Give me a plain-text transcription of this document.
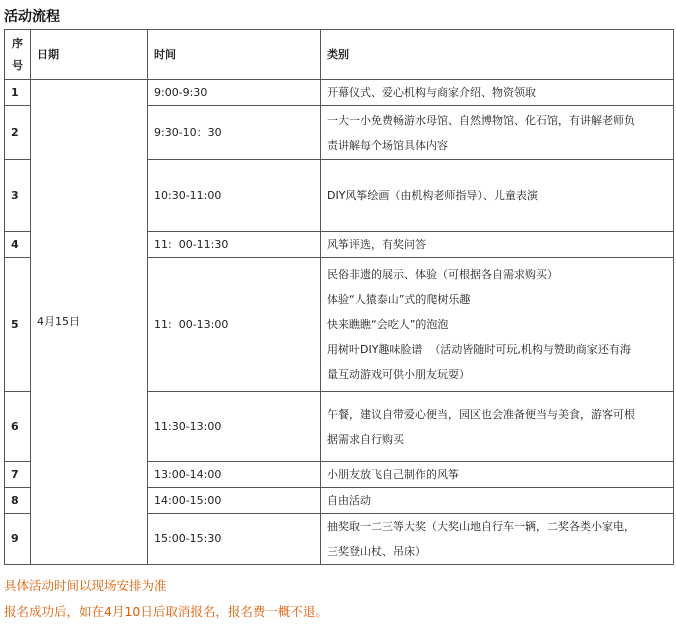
活动流程
序
号	日期	时间	类别
1	4月15日	9:00-9:30	开幕仪式、爱心机构与商家介绍、物资领取

2		9:30-10：30	一大一小免费畅游水母馆、自然博物馆、化石馆，有讲解老师负
责讲解每个场馆具体内容

3		10:30-11:00	DIY风筝绘画（由机构老师指导）、儿童表演

4		11:  00-11:30	风筝评选，有奖问答

5		11:  00-13:00	民俗非遗的展示、体验（可根据各自需求购买）
体验“人猿泰山”式的爬树乐趣
快来瞧瞧“会吃人”的泡泡
用树叶DIY趣味脸谱  （活动皆随时可玩,机构与赞助商家还有海
量互动游戏可供小朋友玩耍）

6		11:30-13:00	午餐，建议自带爱心便当，园区也会准备便当与美食，游客可根
据需求自行购买

7		13:00-14:00	小朋友放飞自己制作的风筝

8		14:00-15:00	自由活动

9		15:00-15:30	抽奖取一二三等大奖（大奖山地自行车一辆，二奖各类小家电，
三奖登山杖、吊床）
具体活动时间以现场安排为准
报名成功后，如在4月10日后取消报名，报名费一概不退。
